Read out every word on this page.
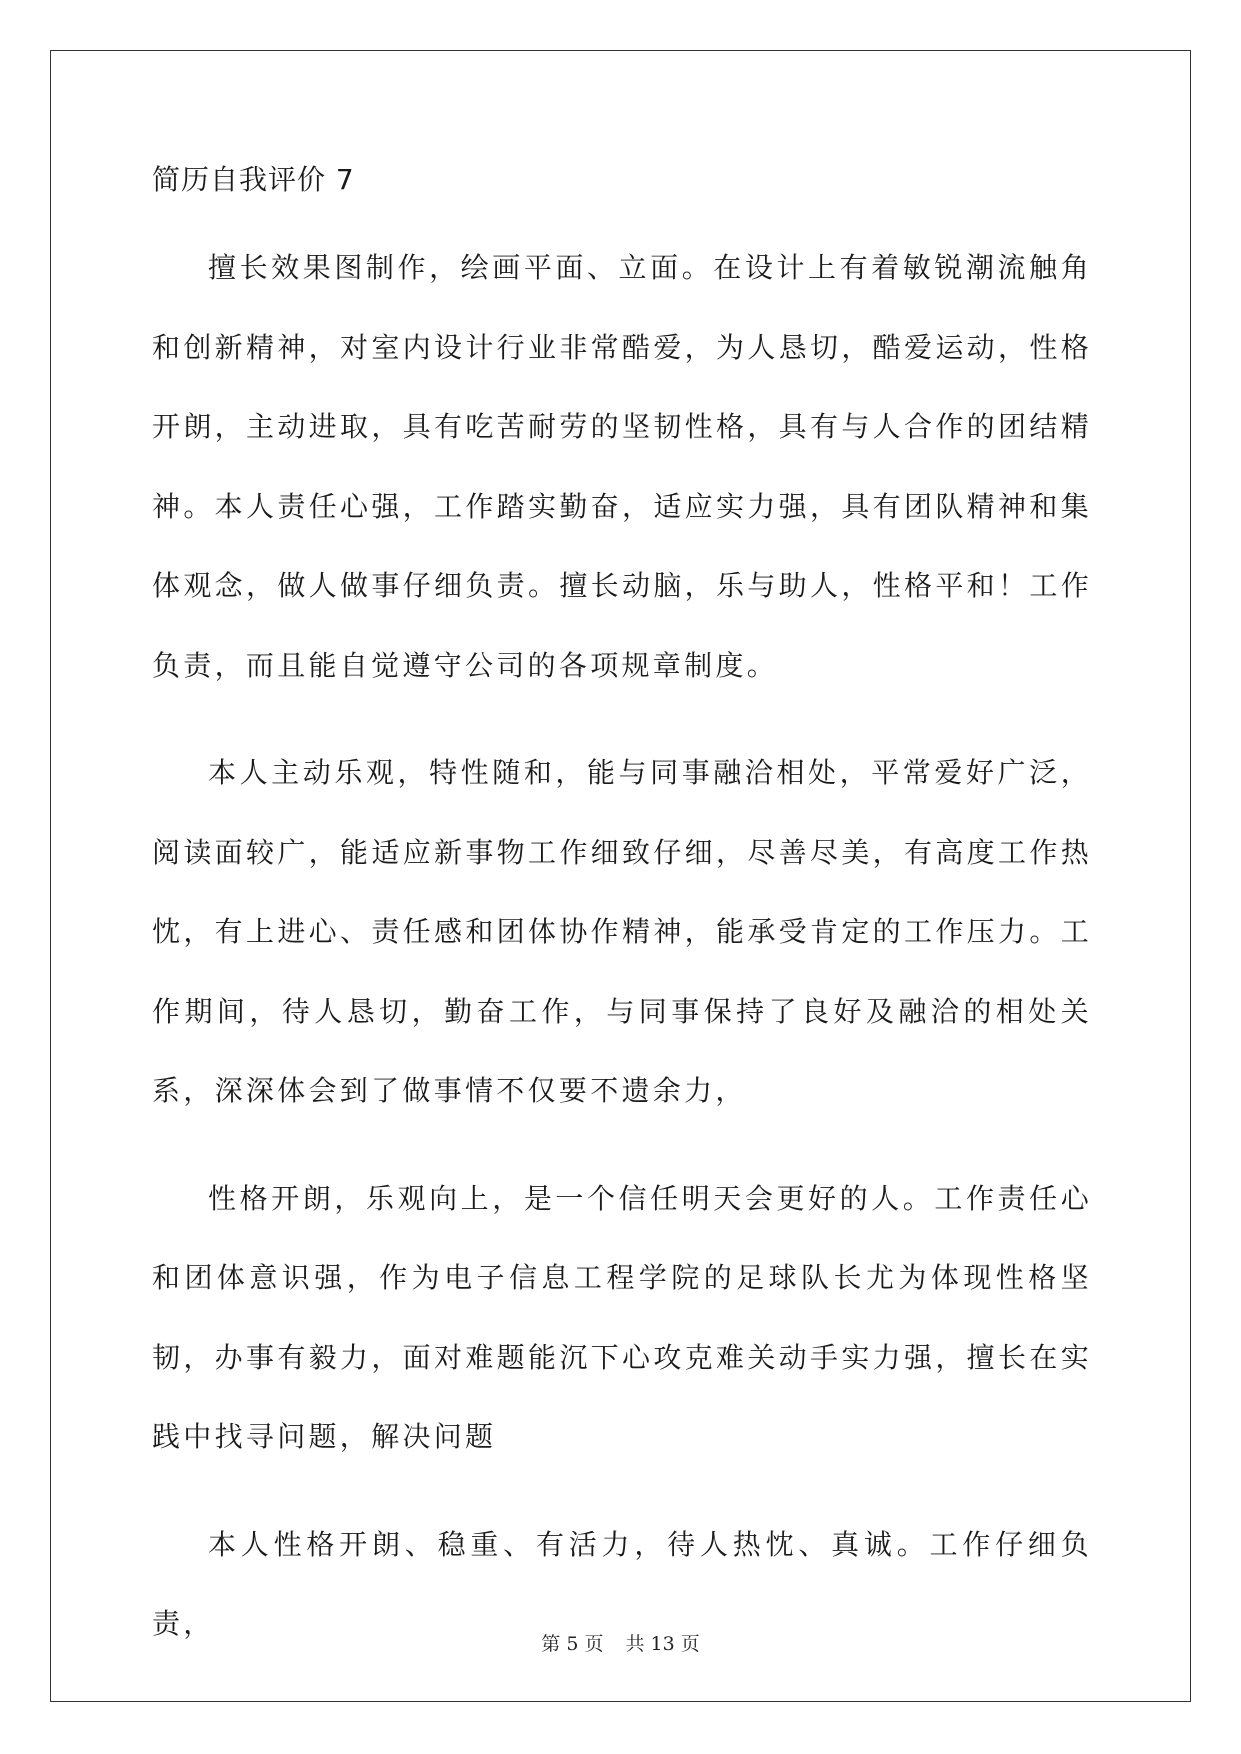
简历自我评价 7

擅长效果图制作，绘画平面、立面。在设计上有着敏锐潮流触角和创新精神，对室内设计行业非常酷爱，为人恳切，酷爱运动，性格开朗，主动进取，具有吃苦耐劳的坚韧性格，具有与人合作的团结精神。本人责任心强，工作踏实勤奋，适应实力强，具有团队精神和集体观念，做人做事仔细负责。擅长动脑，乐与助人，性格平和！工作负责，而且能自觉遵守公司的各项规章制度。

本人主动乐观，特性随和，能与同事融洽相处，平常爱好广泛，阅读面较广，能适应新事物工作细致仔细，尽善尽美，有高度工作热忱，有上进心、责任感和团体协作精神，能承受肯定的工作压力。工作期间，待人恳切，勤奋工作，与同事保持了良好及融洽的相处关系，深深体会到了做事情不仅要不遗余力，

性格开朗，乐观向上，是一个信任明天会更好的人。工作责任心和团体意识强，作为电子信息工程学院的足球队长尤为体现性格坚韧，办事有毅力，面对难题能沉下心攻克难关动手实力强，擅长在实践中找寻问题，解决问题

本人性格开朗、稳重、有活力，待人热忱、真诚。工作仔细负责，

第 5 页 共 13 页
